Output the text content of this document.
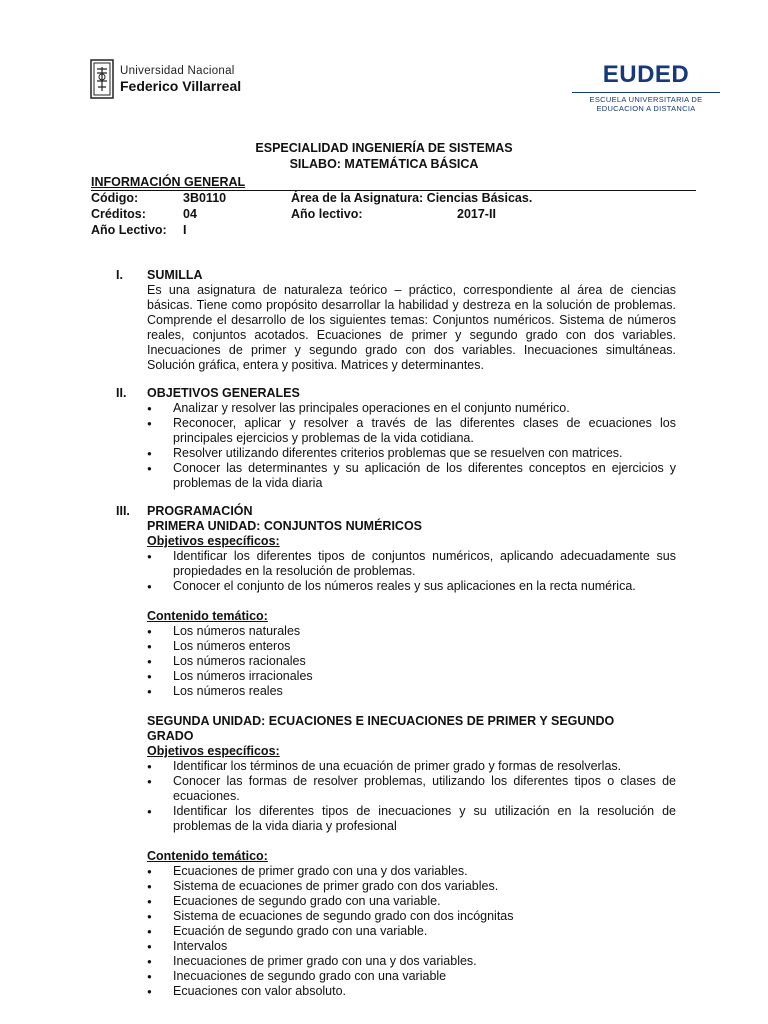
Universidad Nacional
Federico Villarreal	EUDED
ESCUELA UNIVERSITARIA DE
EDUCACION A DISTANCIA
ESPECIALIDAD INGENIERÍA DE SISTEMAS
SILABO: MATEMÁTICA BÁSICA
INFORMACIÓN GENERAL
Código:	3B0110	Área de la Asignatura: Ciencias Básicas.
Créditos:	04	Año lectivo:	2017-II
Año Lectivo:	I
I. SUMILLA
Es una asignatura de naturaleza teórico – práctico, correspondiente al área de ciencias básicas. Tiene como propósito desarrollar la habilidad y destreza en la solución de problemas. Comprende el desarrollo de los siguientes temas: Conjuntos numéricos. Sistema de números reales, conjuntos acotados. Ecuaciones de primer y segundo grado con dos variables. Inecuaciones de primer y segundo grado con dos variables. Inecuaciones simultáneas. Solución gráfica, entera y positiva. Matrices y determinantes.
II. OBJETIVOS GENERALES
● Analizar y resolver las principales operaciones en el conjunto numérico.
● Reconocer, aplicar y resolver a través de las diferentes clases de ecuaciones los principales ejercicios y problemas de la vida cotidiana.
● Resolver utilizando diferentes criterios problemas que se resuelven con matrices.
● Conocer las determinantes y su aplicación de los diferentes conceptos en ejercicios y problemas de la vida diaria
III. PROGRAMACIÓN
PRIMERA UNIDAD: CONJUNTOS NUMÉRICOS
Objetivos específicos:
● Identificar los diferentes tipos de conjuntos numéricos, aplicando adecuadamente sus propiedades en la resolución de problemas.
● Conocer el conjunto de los números reales y sus aplicaciones en la recta numérica.
Contenido temático:
● Los números naturales
● Los números enteros
● Los números racionales
● Los números irracionales
● Los números reales
SEGUNDA UNIDAD: ECUACIONES E INECUACIONES DE PRIMER Y SEGUNDO GRADO
Objetivos específicos:
● Identificar los términos de una ecuación de primer grado y formas de resolverlas.
● Conocer las formas de resolver problemas, utilizando los diferentes tipos o clases de ecuaciones.
● Identificar los diferentes tipos de inecuaciones y su utilización en la resolución de problemas de la vida diaria y profesional
Contenido temático:
● Ecuaciones de primer grado con una y dos variables.
● Sistema de ecuaciones de primer grado con dos variables.
● Ecuaciones de segundo grado con una variable.
● Sistema de ecuaciones de segundo grado con dos incógnitas
● Ecuación de segundo grado con una variable.
● Intervalos
● Inecuaciones de primer grado con una y dos variables.
● Inecuaciones de segundo grado con una variable
● Ecuaciones con valor absoluto.
